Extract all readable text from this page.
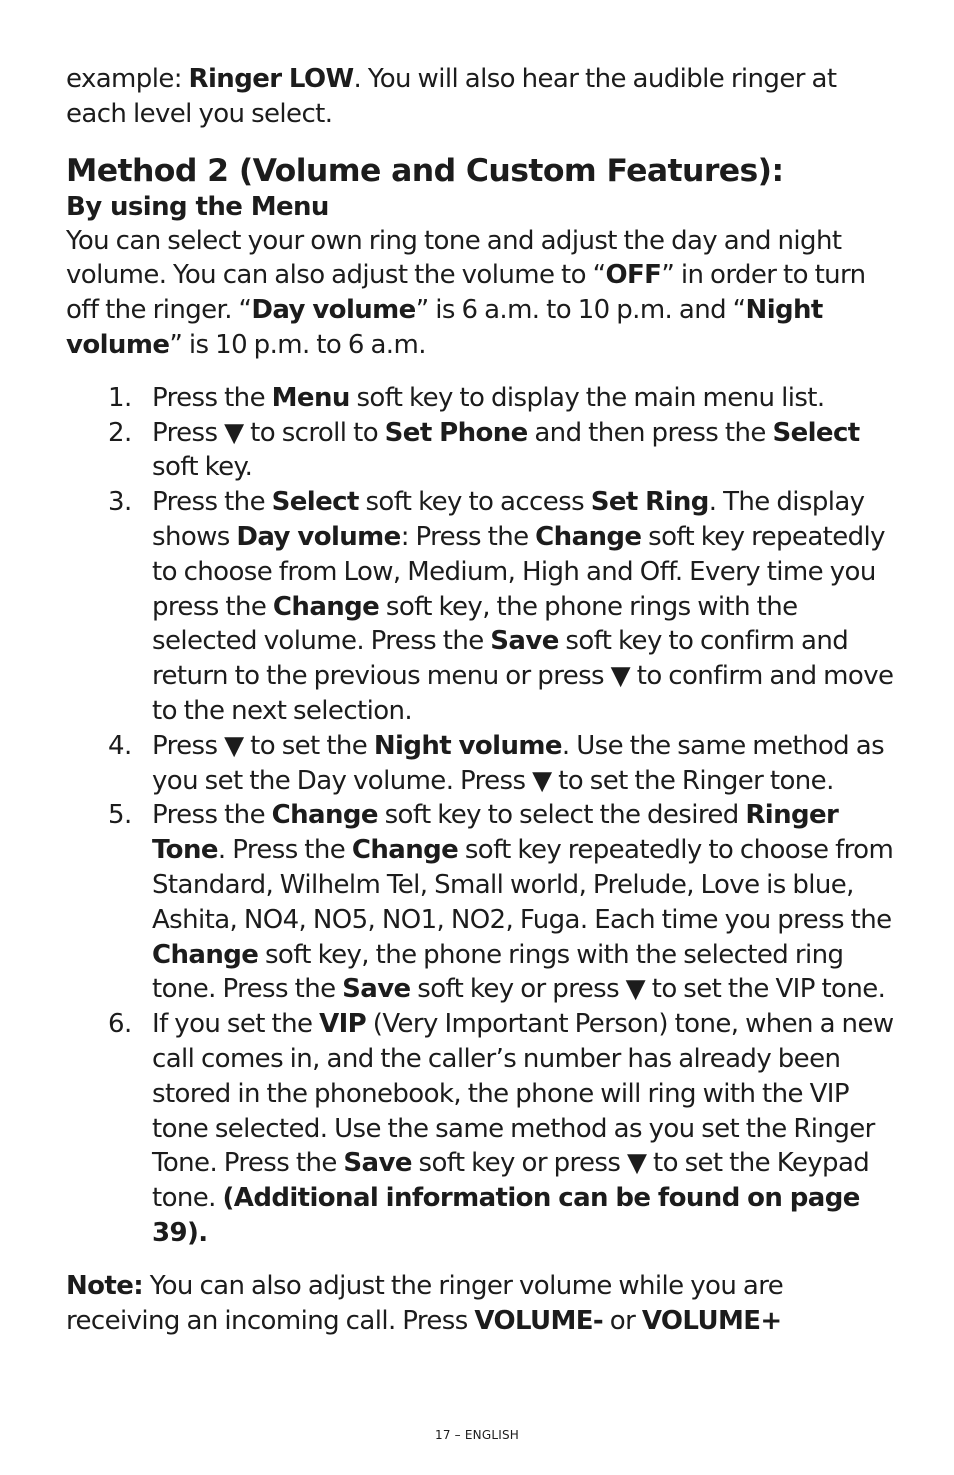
example: Ringer LOW. You will also hear the audible ringer at each level you select.

Method 2 (Volume and Custom Features):
By using the Menu

You can select your own ring tone and adjust the day and night volume. You can also adjust the volume to “OFF” in order to turn off the ringer. “Day volume” is 6 a.m. to 10 p.m. and “Night volume” is 10 p.m. to 6 a.m.

1. Press the Menu soft key to display the main menu list.
2. Press ▼ to scroll to Set Phone and then press the Select soft key.
3. Press the Select soft key to access Set Ring. The display shows Day volume: Press the Change soft key repeatedly to choose from Low, Medium, High and Off. Every time you press the Change soft key, the phone rings with the selected volume. Press the Save soft key to confirm and return to the previous menu or press ▼ to confirm and move to the next selection.
4. Press ▼ to set the Night volume. Use the same method as you set the Day volume. Press ▼ to set the Ringer tone.
5. Press the Change soft key to select the desired Ringer Tone. Press the Change soft key repeatedly to choose from Standard, Wilhelm Tel, Small world, Prelude, Love is blue, Ashita, NO4, NO5, NO1, NO2, Fuga. Each time you press the Change soft key, the phone rings with the selected ring tone. Press the Save soft key or press ▼ to set the VIP tone.
6. If you set the VIP (Very Important Person) tone, when a new call comes in, and the caller’s number has already been stored in the phonebook, the phone will ring with the VIP tone selected. Use the same method as you set the Ringer Tone. Press the Save soft key or press ▼ to set the Keypad tone. (Additional information can be found on page 39).

Note: You can also adjust the ringer volume while you are receiving an incoming call. Press VOLUME- or VOLUME+

17 – ENGLISH
